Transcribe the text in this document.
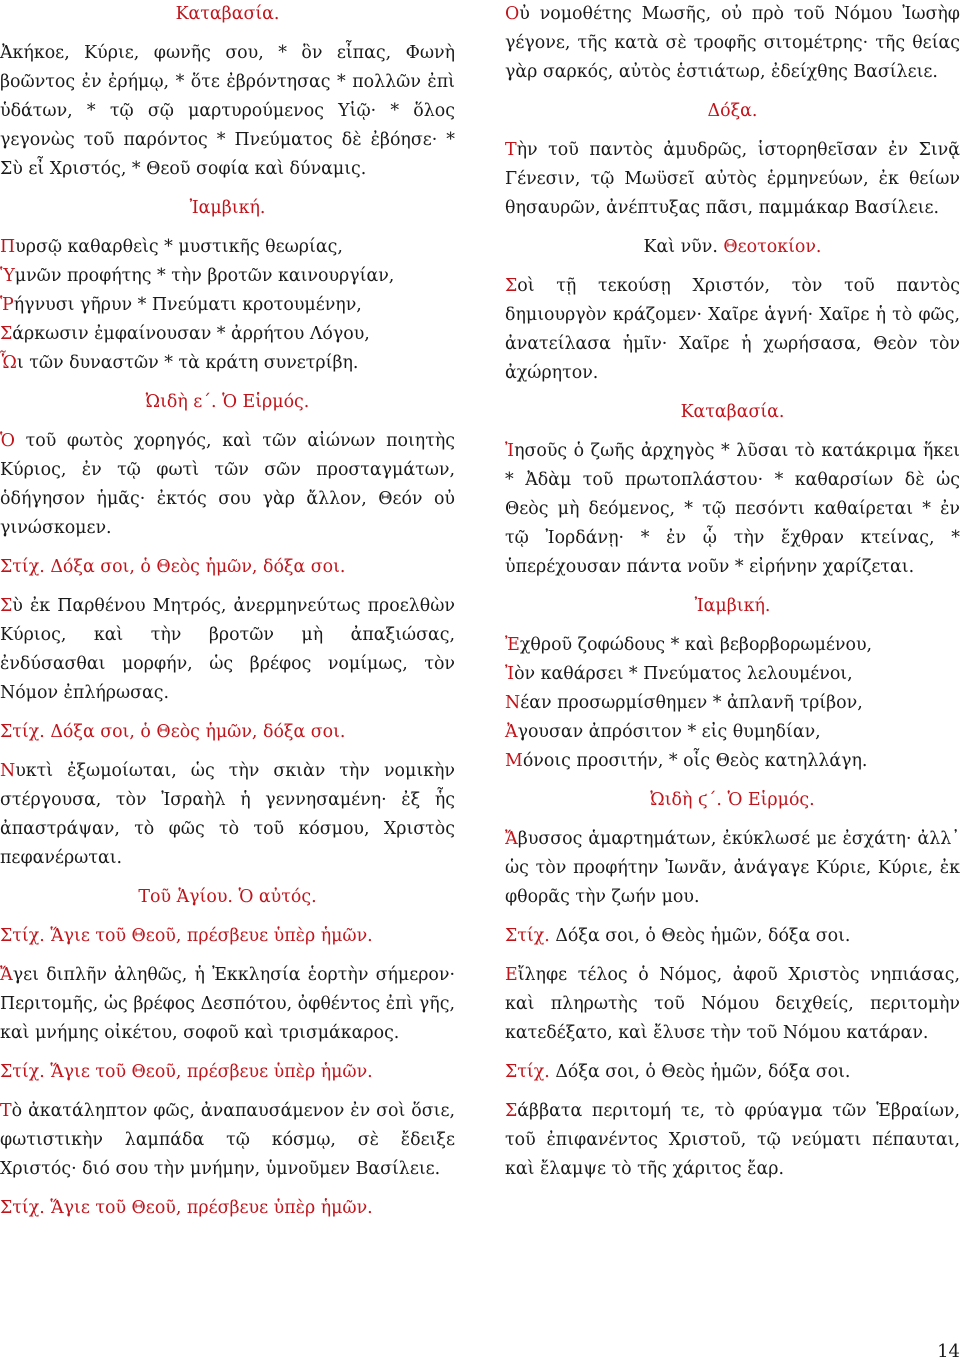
Καταβασία.
Ἀκήκοε, Κύριε, φωνῆς σου, * ὃν εἶπας, Φωνὴ βοῶντος ἐν ἐρήμῳ, * ὅτε ἐβρόντησας * πολλῶν ἐπὶ ὑδάτων, * τῷ σῷ μαρτυρούμενος Υἱῷ· * ὅλος γεγονὼς τοῦ παρόντος * Πνεύματος δὲ ἐβόησε· * Σὺ εἶ Χριστός, * Θεοῦ σοφία καὶ δύναμις.
Ἰαμβική.
Πυρσῷ καθαρθεὶς * μυστικῆς θεωρίας,
Ὑμνῶν προφήτης * τὴν βροτῶν καινουργίαν,
Ῥήγνυσι γῆρυν * Πνεύματι κροτουμένην,
Σάρκωσιν ἐμφαίνουσαν * ἀρρήτου Λόγου,
Ὧι τῶν δυναστῶν * τὰ κράτη συνετρίβη.
Ὠιδὴ ε΄. Ὁ Εἱρμός.
Ὁ τοῦ φωτὸς χορηγός, καὶ τῶν αἰώνων ποιητὴς Κύριος, ἐν τῷ φωτὶ τῶν σῶν προσταγμάτων, ὁδήγησον ἡμᾶς· ἐκτός σου γὰρ ἄλλον, Θεόν οὐ γινώσκομεν.
Στίχ. Δόξα σοι, ὁ Θεὸς ἡμῶν, δόξα σοι.
Σὺ ἐκ Παρθένου Μητρός, ἀνερμηνεύτως προελθὼν Κύριος, καὶ τὴν βροτῶν μὴ ἀπαξιώσας, ἐνδύσασθαι μορφήν, ὡς βρέφος νομίμως, τὸν Νόμον ἐπλήρωσας.
Στίχ. Δόξα σοι, ὁ Θεὸς ἡμῶν, δόξα σοι.
Νυκτὶ ἐξωμοίωται, ὡς τὴν σκιὰν τὴν νομικὴν στέργουσα, τὸν Ἰσραὴλ ἡ γεννησαμένη· ἐξ ἧς ἀπαστράψαν, τὸ φῶς τὸ τοῦ κόσμου, Χριστὸς πεφανέρωται.
Τοῦ Ἁγίου. Ὁ αὐτός.
Στίχ. Ἅγιε τοῦ Θεοῦ, πρέσβευε ὑπὲρ ἡμῶν.
Ἄγει διπλῆν ἀληθῶς, ἡ Ἐκκλησία ἑορτὴν σήμερον· Περιτομῆς, ὡς βρέφος Δεσπότου, ὀφθέντος ἐπὶ γῆς, καὶ μνήμης οἰκέτου, σοφοῦ καὶ τρισμάκαρος.
Στίχ. Ἅγιε τοῦ Θεοῦ, πρέσβευε ὑπὲρ ἡμῶν.
Τὸ ἀκατάληπτον φῶς, ἀναπαυσάμενον ἐν σοὶ ὅσιε, φωτιστικὴν λαμπάδα τῷ κόσμῳ, σὲ ἔδειξε Χριστός· διό σου τὴν μνήμην, ὑμνοῦμεν Βασίλειε.
Στίχ. Ἅγιε τοῦ Θεοῦ, πρέσβευε ὑπὲρ ἡμῶν.
Οὐ νομοθέτης Μωσῆς, οὐ πρὸ τοῦ Νόμου Ἰωσὴφ γέγονε, τῆς κατὰ σὲ τροφῆς σιτομέτρης· τῆς θείας γὰρ σαρκός, αὐτὸς ἑστιάτωρ, ἐδείχθης Βασίλειε.
Δόξα.
Τὴν τοῦ παντὸς ἀμυδρῶς, ἱστορηθεῖσαν ἐν Σινᾷ Γένεσιν, τῷ Μωϋσεῖ αὐτὸς ἑρμηνεύων, ἐκ θείων θησαυρῶν, ἀνέπτυξας πᾶσι, παμμάκαρ Βασίλειε.
Καὶ νῦν. Θεοτοκίον.
Σοὶ τῇ τεκούσῃ Χριστόν, τὸν τοῦ παντὸς δημιουργὸν κράζομεν· Χαῖρε ἁγνή· Χαῖρε ἡ τὸ φῶς, ἀνατείλασα ἡμῖν· Χαῖρε ἡ χωρήσασα, Θεὸν τὸν ἀχώρητον.
Καταβασία.
Ἰησοῦς ὁ ζωῆς ἀρχηγὸς * λῦσαι τὸ κατάκριμα ἥκει * Ἀδὰμ τοῦ πρωτοπλάστου· * καθαρσίων δὲ ὡς Θεὸς μὴ δεόμενος, * τῷ πεσόντι καθαίρεται * ἐν τῷ Ἰορδάνῃ· * ἐν ᾧ τὴν ἔχθραν κτείνας, * ὑπερέχουσαν πάντα νοῦν * εἰρήνην χαρίζεται.
Ἰαμβική.
Ἐχθροῦ ζοφώδους * καὶ βεβορβορωμένου,
Ἰὸν καθάρσει * Πνεύματος λελουμένοι,
Νέαν προσωρμίσθημεν * ἀπλανῆ τρίβον,
Ἀγουσαν ἀπρόσιτον * εἰς θυμηδίαν,
Μόνοις προσιτήν, * οἷς Θεὸς κατηλλάγη.
Ὠιδὴ ϛ΄. Ὁ Εἱρμός.
Ἄβυσσος ἁμαρτημάτων, ἐκύκλωσέ με ἐσχάτη· ἀλλ᾽ ὡς τὸν προφήτην Ἰωνᾶν, ἀνάγαγε Κύριε, Κύριε, ἐκ φθορᾶς τὴν ζωήν μου.
Στίχ. Δόξα σοι, ὁ Θεὸς ἡμῶν, δόξα σοι.
Εἴληφε τέλος ὁ Νόμος, ἀφοῦ Χριστὸς νηπιάσας, καὶ πληρωτὴς τοῦ Νόμου δειχθείς, περιτομὴν κατεδέξατο, καὶ ἔλυσε τὴν τοῦ Νόμου κατάραν.
Στίχ. Δόξα σοι, ὁ Θεὸς ἡμῶν, δόξα σοι.
Σάββατα περιτομή τε, τὸ φρύαγμα τῶν Ἑβραίων, τοῦ ἐπιφανέντος Χριστοῦ, τῷ νεύματι πέπαυται, καὶ ἔλαμψε τὸ τῆς χάριτος ἔαρ.
14
